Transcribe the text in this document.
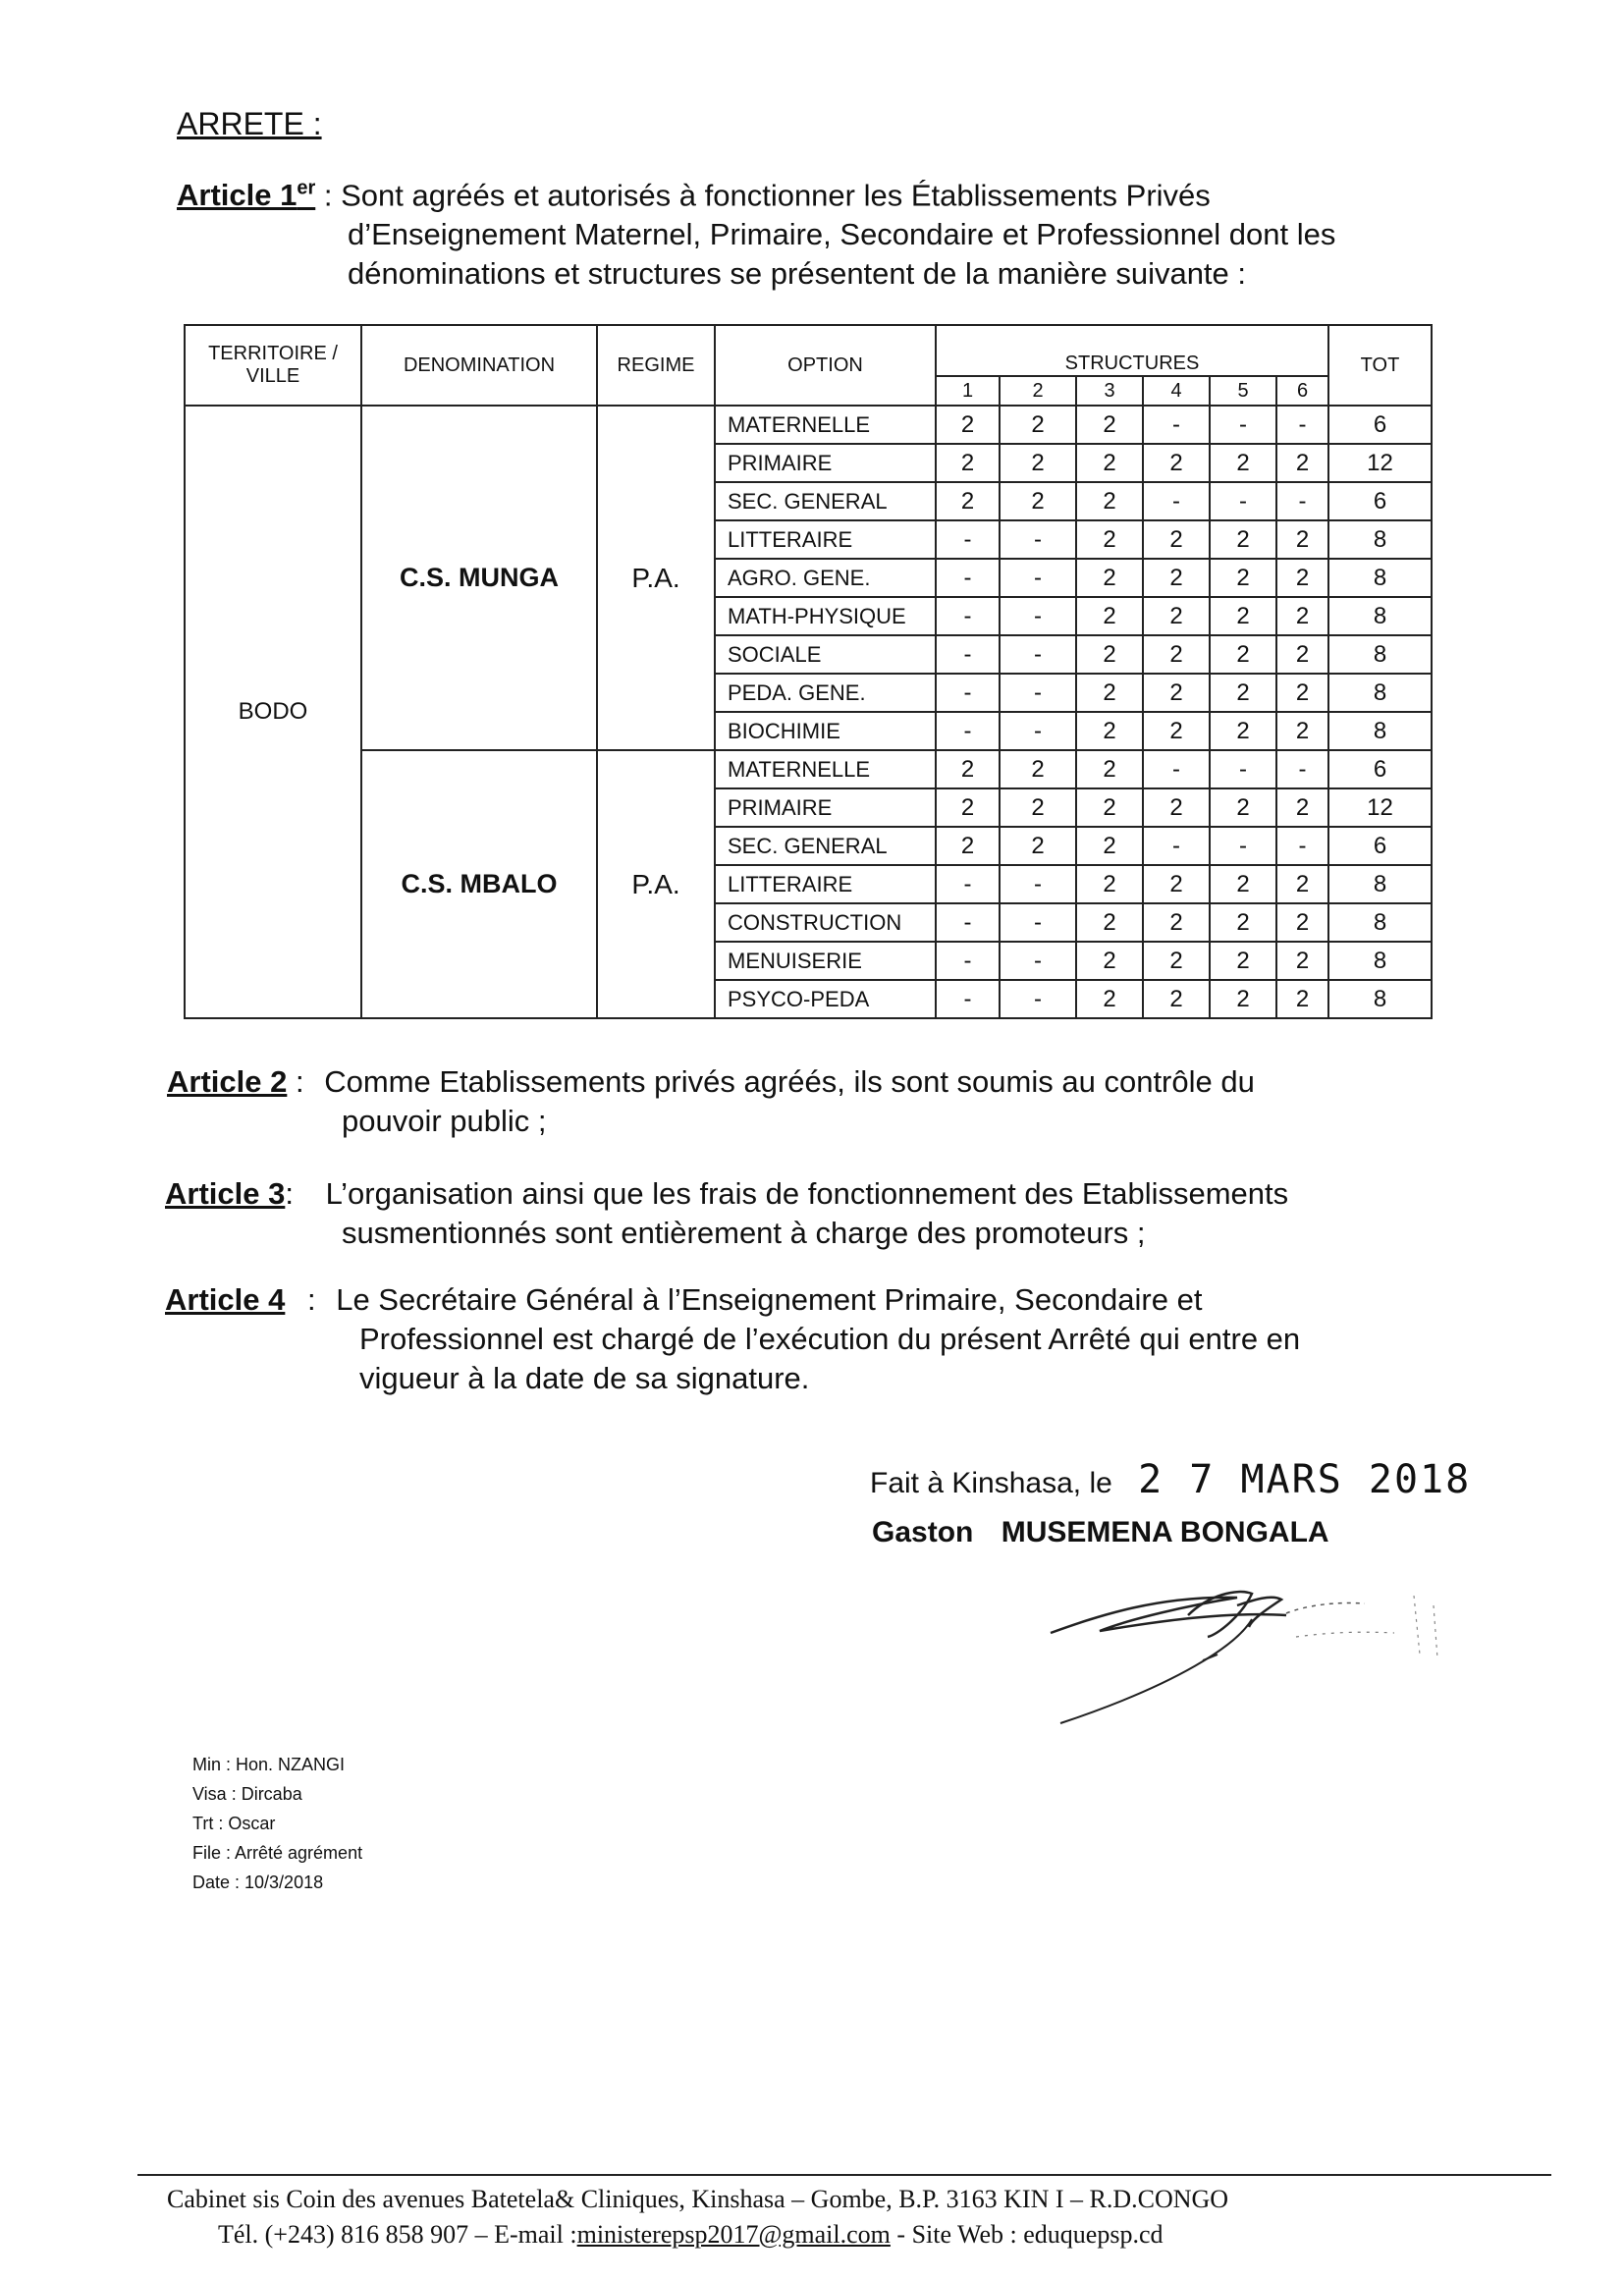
ARRETE :
Article 1er : Sont agréés et autorisés à fonctionner les Établissements Privés
d’Enseignement Maternel, Primaire, Secondaire et Professionnel dont les
dénominations et structures se présentent de la manière suivante :
TERRITOIRE / VILLE	DENOMINATION	REGIME	OPTION	STRUCTURES						TOT
				1	2	3	4	5	6	
BODO	C.S. MUNGA	P.A.	MATERNELLE	2	2	2	-	-	-	6
			PRIMAIRE	2	2	2	2	2	2	12
			SEC. GENERAL	2	2	2	-	-	-	6
			LITTERAIRE	-	-	2	2	2	2	8
			AGRO. GENE.	-	-	2	2	2	2	8
			MATH-PHYSIQUE	-	-	2	2	2	2	8
			SOCIALE	-	-	2	2	2	2	8
			PEDA. GENE.	-	-	2	2	2	2	8
			BIOCHIMIE	-	-	2	2	2	2	8
	C.S. MBALO	P.A.	MATERNELLE	2	2	2	-	-	-	6
			PRIMAIRE	2	2	2	2	2	2	12
			SEC. GENERAL	2	2	2	-	-	-	6
			LITTERAIRE	-	-	2	2	2	2	8
			CONSTRUCTION	-	-	2	2	2	2	8
			MENUISERIE	-	-	2	2	2	2	8
			PSYCO-PEDA	-	-	2	2	2	2	8
Article 2 : Comme Etablissements privés agréés, ils sont soumis au contrôle du
pouvoir public ;
Article 3: L’organisation ainsi que les frais de fonctionnement des Etablissements
susmentionnés sont entièrement à charge des promoteurs ;
Article 4 : Le Secrétaire Général à l’Enseignement Primaire, Secondaire et
Professionnel est chargé de l’exécution du présent Arrêté qui entre en
vigueur à la date de sa signature.
Fait à Kinshasa, le 2 7 MARS 2018
Gaston MUSEMENA BONGALA
Min : Hon. NZANGI
Visa : Dircaba
Trt : Oscar
File : Arrêté agrément
Date : 10/3/2018
Cabinet sis Coin des avenues Batetela& Cliniques, Kinshasa – Gombe, B.P. 3163 KIN I – R.D.CONGO
Tél. (+243) 816 858 907 – E-mail :ministerepsp2017@gmail.com - Site Web : eduquepsp.cd
